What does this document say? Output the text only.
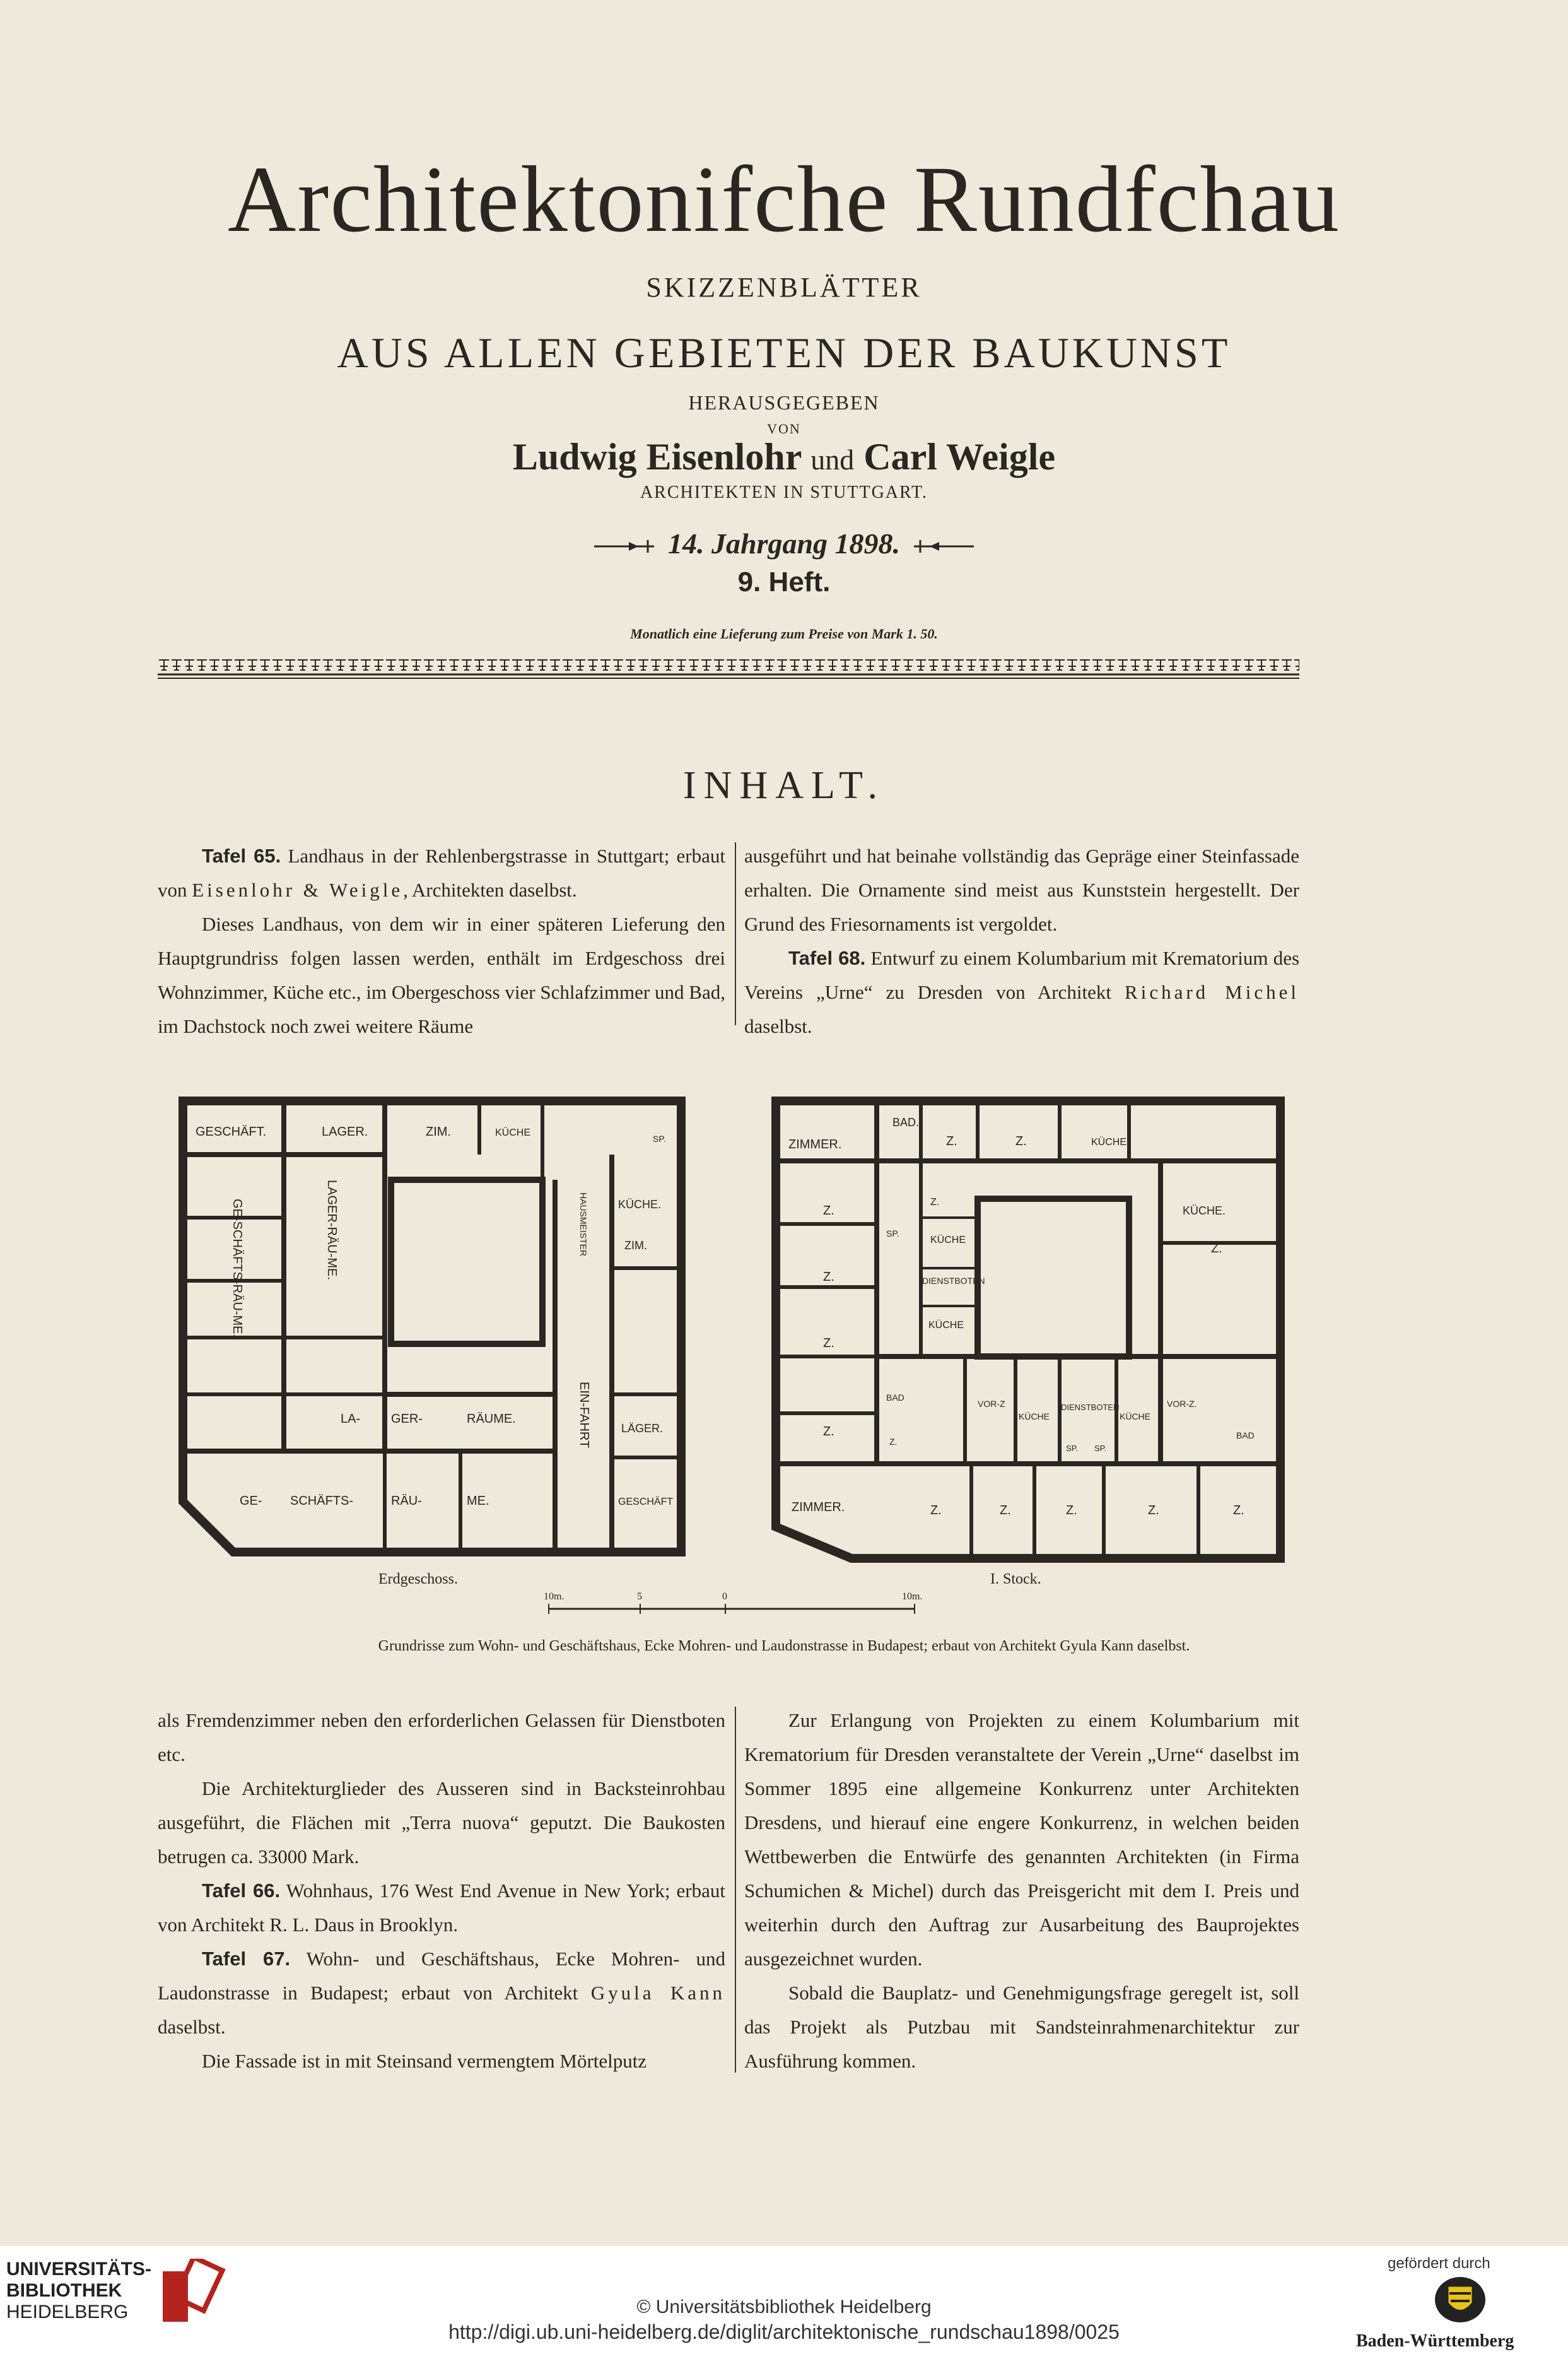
Architektonifche Rundfchau
SKIZZENBLÄTTER
AUS ALLEN GEBIETEN DER BAUKUNST
HERAUSGEGEBEN
VON
Ludwig Eisenlohr und Carl Weigle
ARCHITEKTEN IN STUTTGART.
14. Jahrgang 1898.
9. Heft.
Monatlich eine Lieferung zum Preise von Mark 1. 50.
INHALT.

Tafel 65. Landhaus in der Rehlenbergstrasse in Stuttgart; erbaut von Eisenlohr & Weigle, Architekten daselbst.

Dieses Landhaus, von dem wir in einer späteren Lieferung den Hauptgrundriss folgen lassen werden, enthält im Erdgeschoss drei Wohnzimmer, Küche etc., im Obergeschoss vier Schlafzimmer und Bad, im Dachstock noch zwei weitere Räume

ausgeführt und hat beinahe vollständig das Gepräge einer Steinfassade erhalten. Die Ornamente sind meist aus Kunststein hergestellt. Der Grund des Friesornaments ist vergoldet.

Tafel 68. Entwurf zu einem Kolumbarium mit Krematorium des Vereins „Urne“ zu Dresden von Architekt Richard Michel daselbst.

GESCHÄFT.	LAGER.	ZIM.	KÜCHE
SP.
GE-SCHÄFTS-RÄU-ME.	LAGER-RÄU-ME.	HAUSMEISTER	KÜCHE.
ZIM.
LA- GER-	RÄUME.	EIN-FAHRT	LÄGER.
GE- SCHÄFTS-	RÄU-	ME.	GESCHÄFT
ZIMMER.
BAD.
Z.	Z.	KÜCHE
Z.
Z.
KÜCHE.
SP.
KÜCHE
Z.
Z.	DIENSTBOTEN
KÜCHE
Z.
Z.
BAD
VOR-Z
KÜCHE
DIENSTBOTEN
KÜCHE
VOR-Z.
BAD
Z.
SP. SP.
ZIMMER.	Z.	Z.	Z.	Z.	Z.
Erdgeschoss.	I. Stock.
10m.	5	0	10m.
Grundrisse zum Wohn- und Geschäftshaus, Ecke Mohren- und Laudonstrasse in Budapest; erbaut von Architekt Gyula Kann daselbst.

als Fremdenzimmer neben den erforderlichen Gelassen für Dienstboten etc.

Die Architekturglieder des Ausseren sind in Backsteinrohbau ausgeführt, die Flächen mit „Terra nuova“ geputzt. Die Baukosten betrugen ca. 33000 Mark.

Tafel 66. Wohnhaus, 176 West End Avenue in New York; erbaut von Architekt R. L. Daus in Brooklyn.

Tafel 67. Wohn- und Geschäftshaus, Ecke Mohren- und Laudonstrasse in Budapest; erbaut von Architekt Gyula Kann daselbst.

Die Fassade ist in mit Steinsand vermengtem Mörtelputz

Zur Erlangung von Projekten zu einem Kolumbarium mit Krematorium für Dresden veranstaltete der Verein „Urne“ daselbst im Sommer 1895 eine allgemeine Konkurrenz unter Architekten Dresdens, und hierauf eine engere Konkurrenz, in welchen beiden Wettbewerben die Entwürfe des genannten Architekten (in Firma Schumichen & Michel) durch das Preisgericht mit dem I. Preis und weiterhin durch den Auftrag zur Ausarbeitung des Bauprojektes ausgezeichnet wurden.

Sobald die Bauplatz- und Genehmigungsfrage geregelt ist, soll das Projekt als Putzbau mit Sandsteinrahmenarchitektur zur Ausführung kommen.

UNIVERSITÄTS-
BIBLIOTHEK
HEIDELBERG	© Universitätsbibliothek Heidelberg
http://digi.ub.uni-heidelberg.de/diglit/architektonische_rundschau1898/0025
gefördert durch
Baden-Württemberg
